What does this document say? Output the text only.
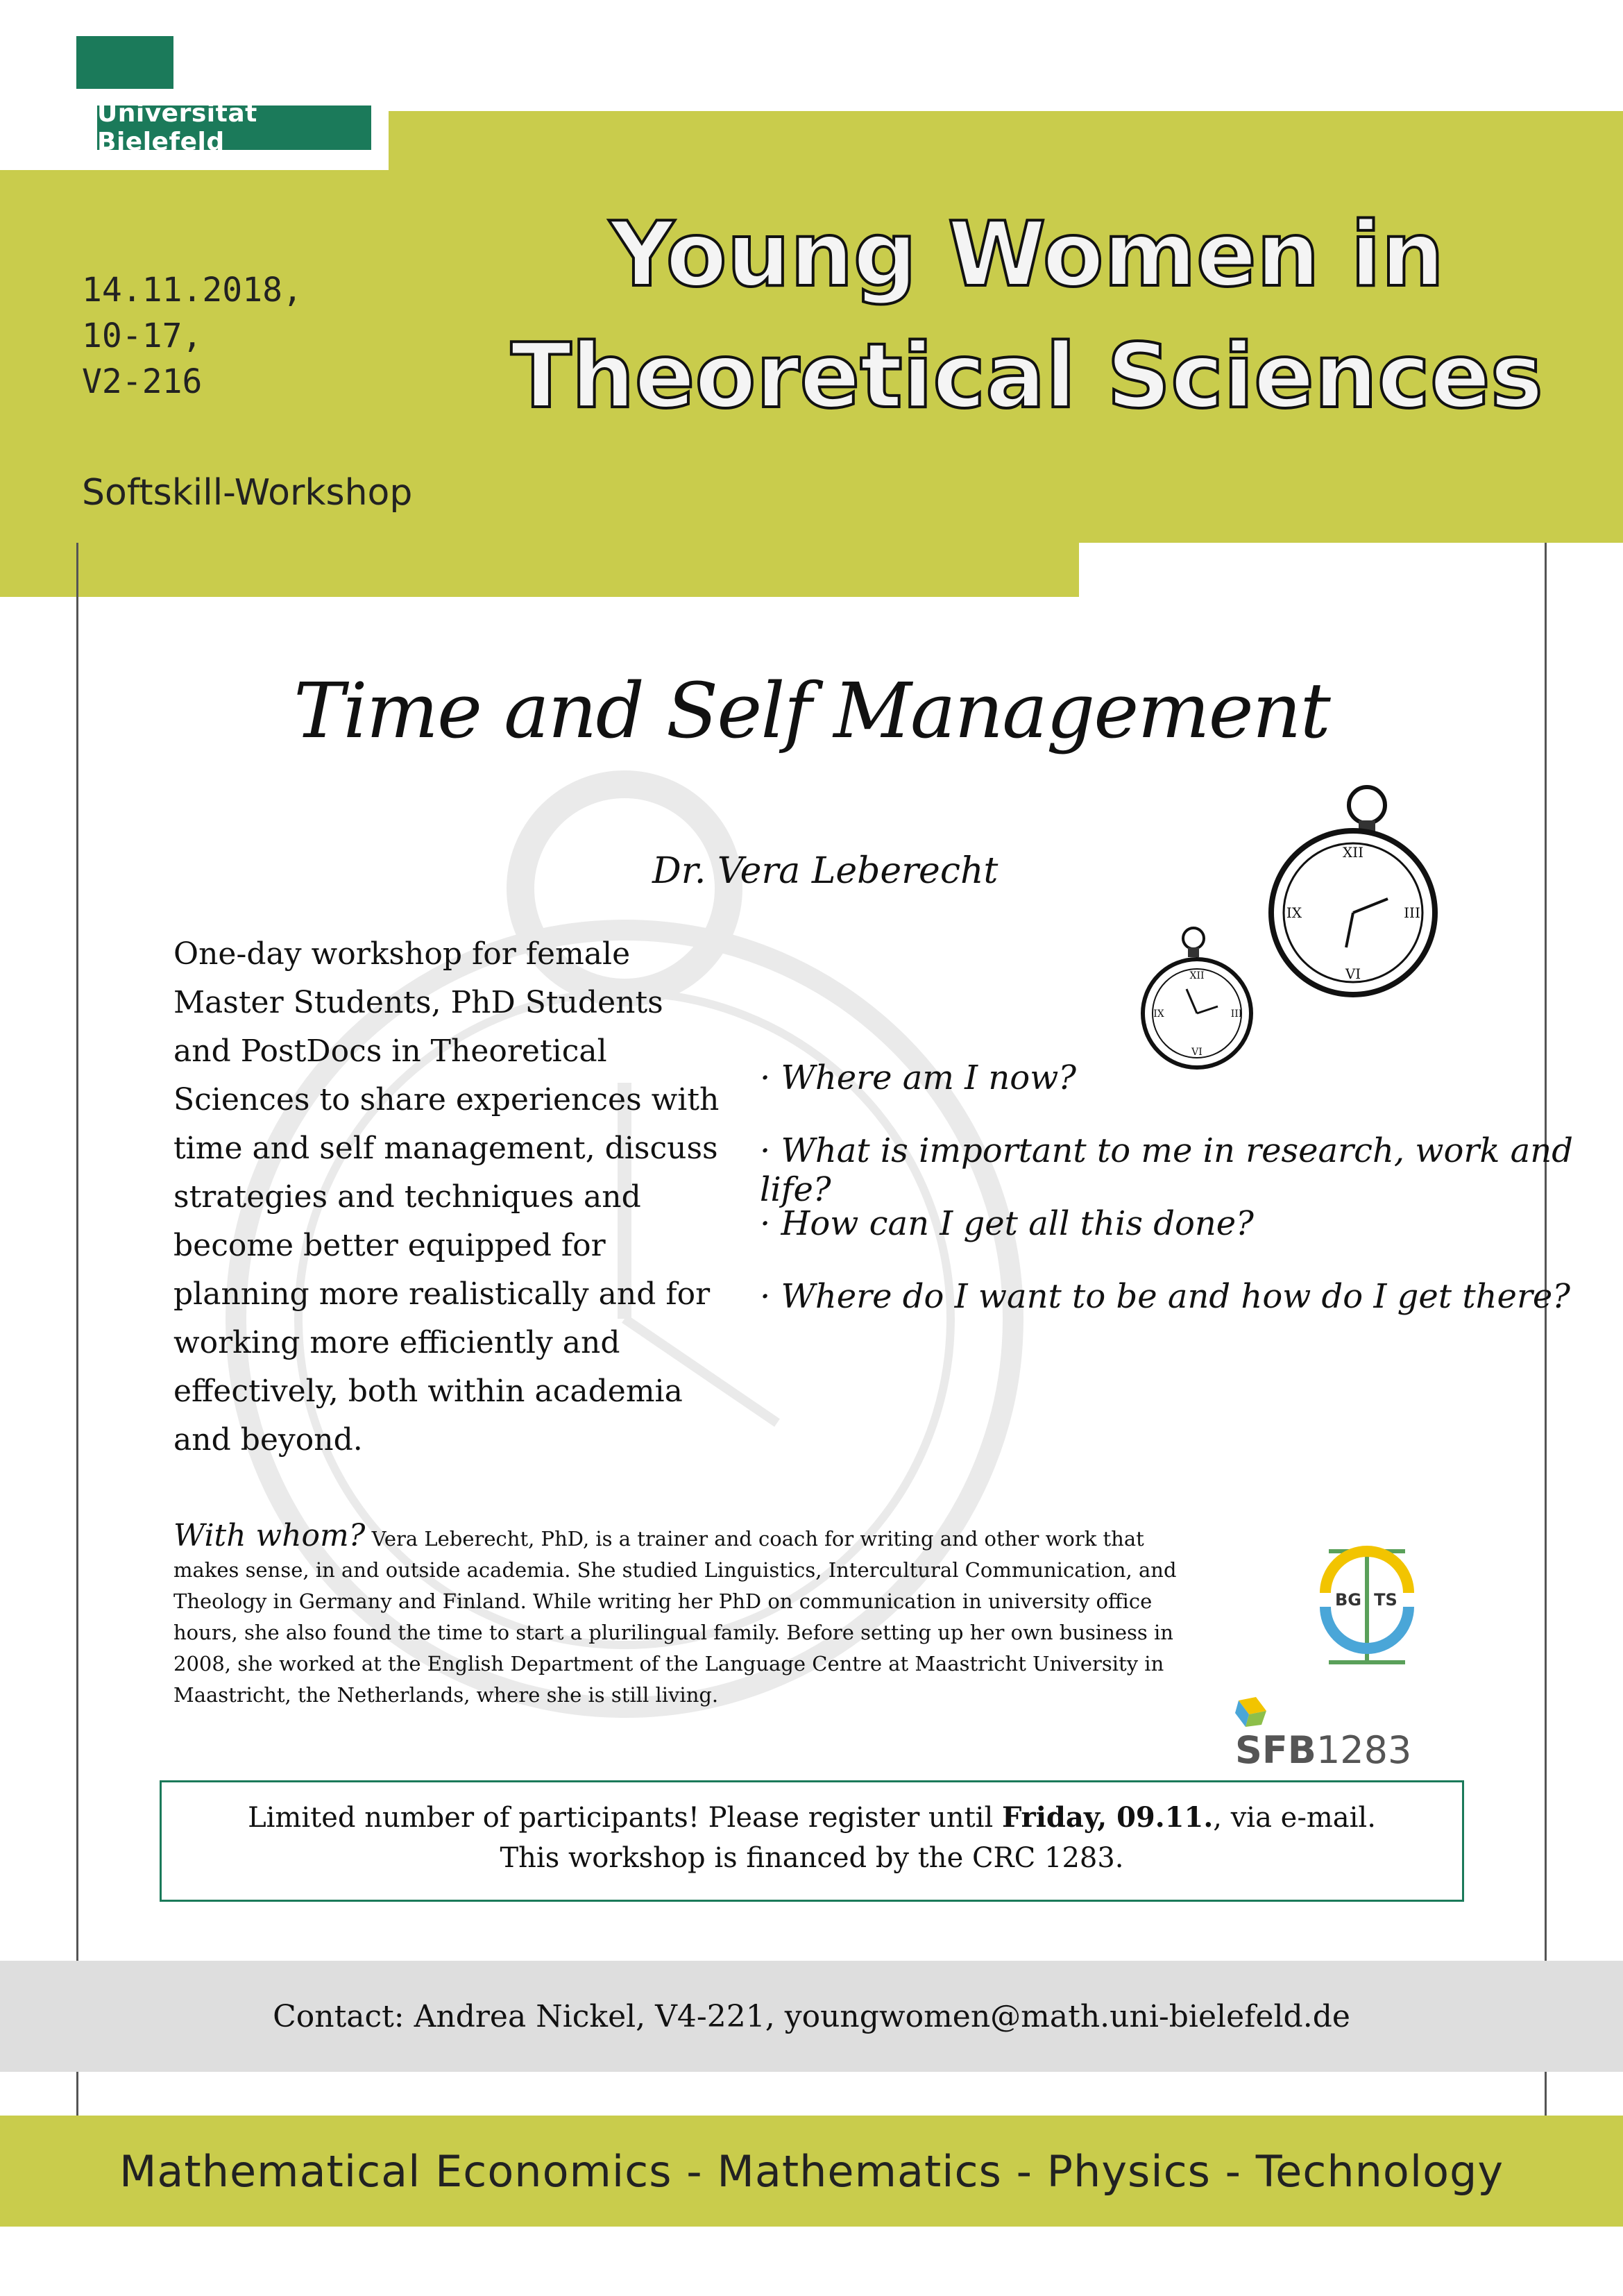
Universität Bielefeld
14.11.2018,
10-17,
V2-216
Softskill-Workshop
Young Women in
Theoretical Sciences
Time and Self Management
Dr. Vera Leberecht	XII
III
VI
IX
XII
III
VI
IX
One-day workshop for female Master Students, PhD Students and PostDocs in Theoretical Sciences to share experiences with time and self management, discuss strategies and techniques and become better equipped for planning more realistically and for working more efficiently and effectively, both within academia and beyond.
· Where am I now?
· What is important to me in research, work and life?
· How can I get all this done?
· Where do I want to be and how do I get there?
With whom? Vera Leberecht, PhD, is a trainer and coach for writing and other work that makes sense, in and outside academia. She studied Linguistics, Intercultural Communication, and Theology in Germany and Finland. While writing her PhD on communication in university office hours, she also found the time to start a plurilingual family. Before setting up her own business in 2008, she worked at the English Department of the Language Centre at Maastricht University in Maastricht, the Netherlands, where she is still living.
BG TS
SFB1283
Limited number of participants! Please register until Friday, 09.11., via e-mail.
This workshop is financed by the CRC 1283.
Contact: Andrea Nickel, V4-221, youngwomen@math.uni-bielefeld.de
Mathematical Economics - Mathematics - Physics - Technology
